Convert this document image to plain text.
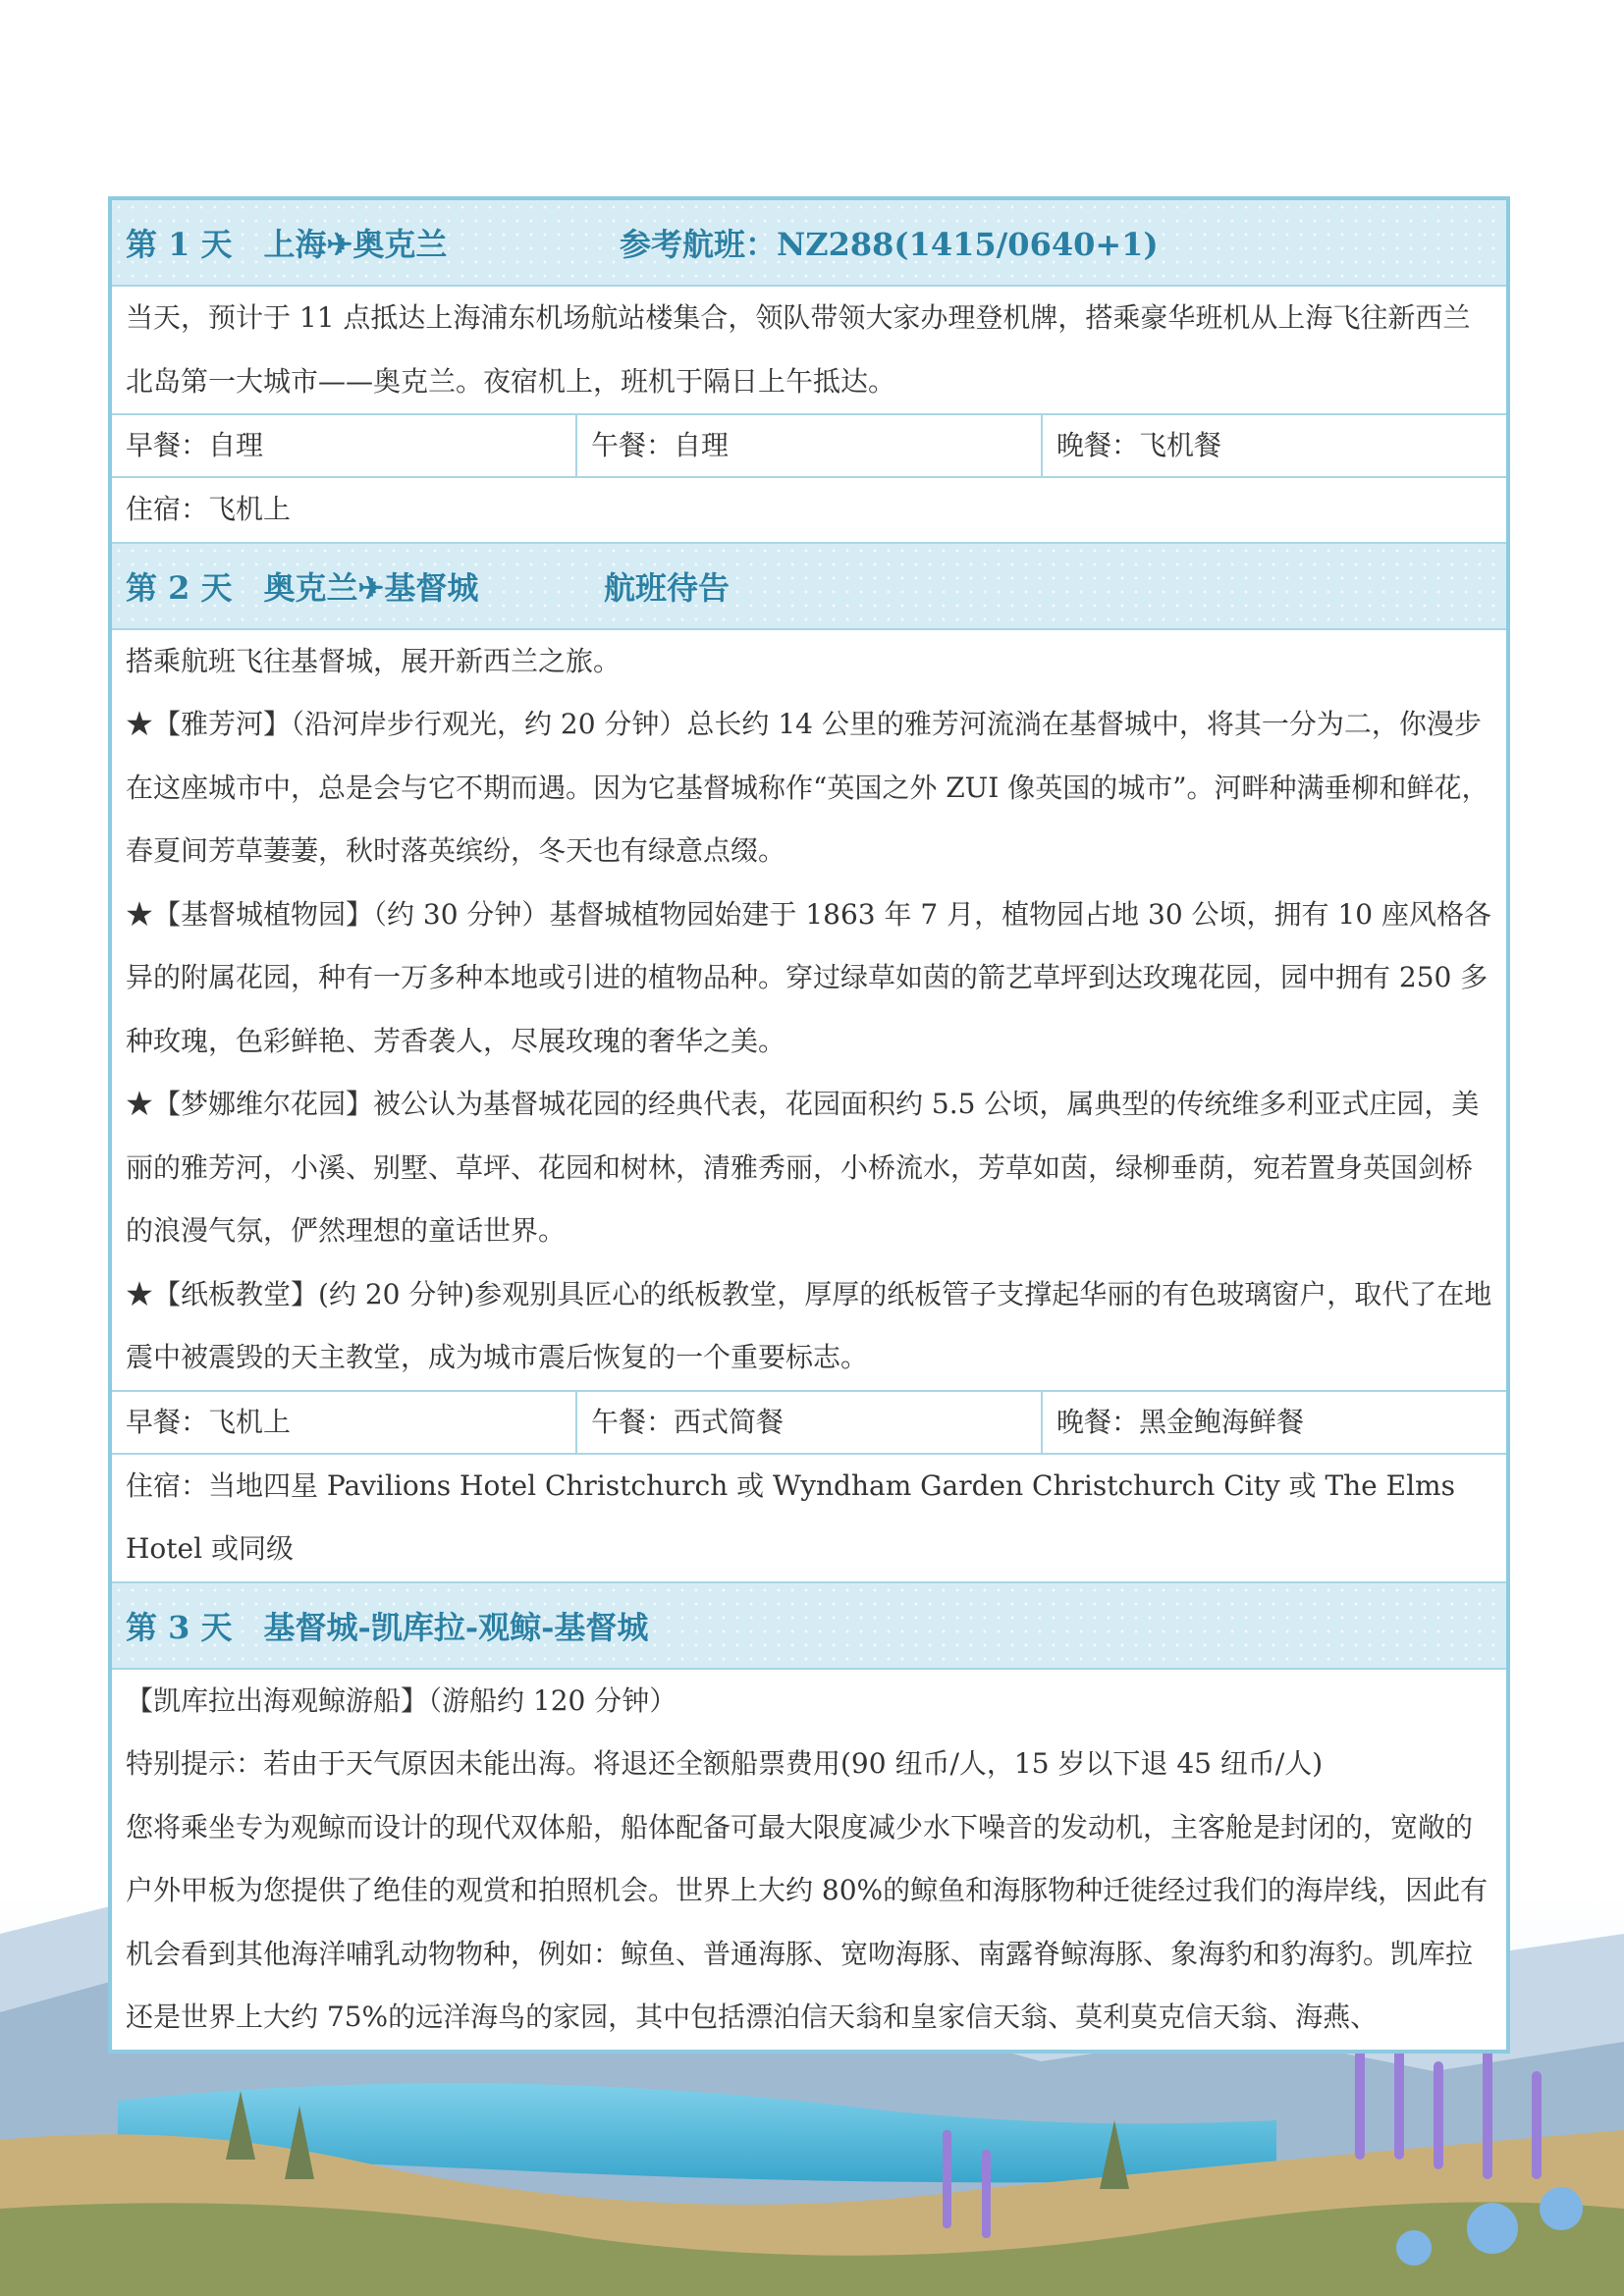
第 1 天　上海✈奥克兰	参考航班：NZ288(1415/0640+1)

当天，预计于 11 点抵达上海浦东机场航站楼集合，领队带领大家办理登机牌，搭乘豪华班机从上海飞往新西兰北岛第一大城市——奥克兰。夜宿机上，班机于隔日上午抵达。

早餐：自理	午餐：自理	晚餐：飞机餐
住宿：飞机上
第 2 天　奥克兰✈基督城	航班待告

搭乘航班飞往基督城，展开新西兰之旅。

★【雅芳河】（沿河岸步行观光，约 20 分钟）总长约 14 公里的雅芳河流淌在基督城中，将其一分为二，你漫步在这座城市中，总是会与它不期而遇。因为它基督城称作“英国之外 ZUI 像英国的城市”。河畔种满垂柳和鲜花，春夏间芳草萋萋，秋时落英缤纷，冬天也有绿意点缀。

★【基督城植物园】（约 30 分钟）基督城植物园始建于 1863 年 7 月，植物园占地 30 公顷，拥有 10 座风格各异的附属花园，种有一万多种本地或引进的植物品种。穿过绿草如茵的箭艺草坪到达玫瑰花园，园中拥有 250 多种玫瑰，色彩鲜艳、芳香袭人，尽展玫瑰的奢华之美。

★【梦娜维尔花园】被公认为基督城花园的经典代表，花园面积约 5.5 公顷，属典型的传统维多利亚式庄园，美丽的雅芳河，小溪、别墅、草坪、花园和树林，清雅秀丽，小桥流水，芳草如茵，绿柳垂荫，宛若置身英国剑桥的浪漫气氛，俨然理想的童话世界。

★【纸板教堂】(约 20 分钟)参观别具匠心的纸板教堂，厚厚的纸板管子支撑起华丽的有色玻璃窗户，取代了在地震中被震毁的天主教堂，成为城市震后恢复的一个重要标志。

早餐：飞机上	午餐：西式简餐	晚餐：黑金鲍海鲜餐
住宿：当地四星 Pavilions Hotel Christchurch 或 Wyndham Garden Christchurch City 或 The Elms Hotel 或同级
第 3 天　基督城-凯库拉-观鲸-基督城

【凯库拉出海观鲸游船】（游船约 120 分钟）

特别提示：若由于天气原因未能出海。将退还全额船票费用(90 纽币/人，15 岁以下退 45 纽币/人)

您将乘坐专为观鲸而设计的现代双体船，船体配备可最大限度减少水下噪音的发动机，主客舱是封闭的，宽敞的户外甲板为您提供了绝佳的观赏和拍照机会。世界上大约 80%的鲸鱼和海豚物种迁徙经过我们的海岸线，因此有机会看到其他海洋哺乳动物物种，例如：鲸鱼、普通海豚、宽吻海豚、南露脊鲸海豚、象海豹和豹海豹。凯库拉还是世界上大约 75%的远洋海鸟的家园，其中包括漂泊信天翁和皇家信天翁、莫利莫克信天翁、海燕、
